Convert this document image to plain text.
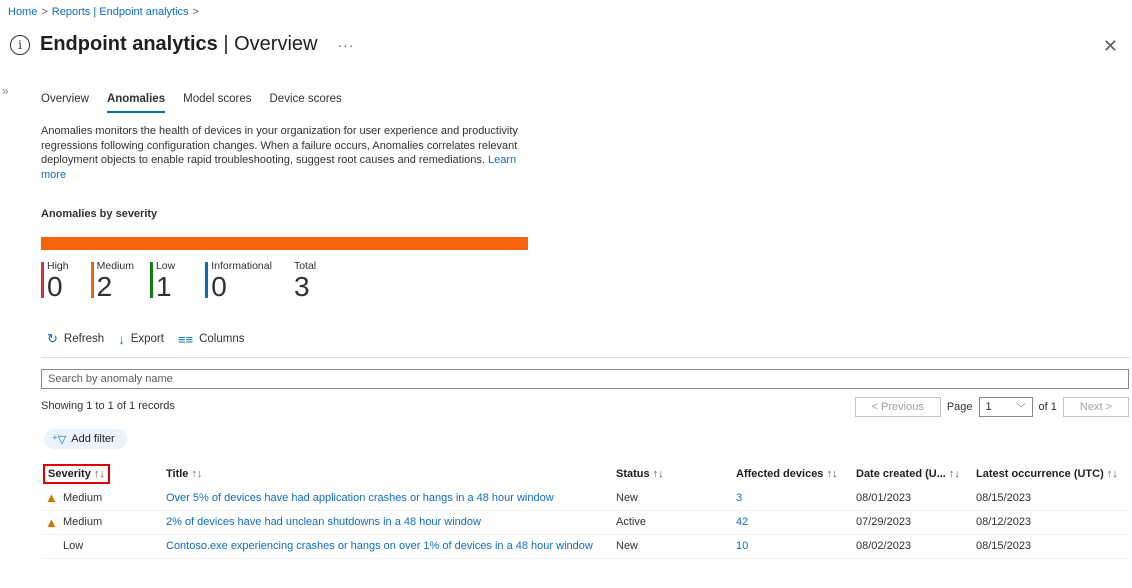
Home > Reports | Endpoint analytics >
i Endpoint analytics | Overview ···	✕
»
Overview Anomalies Model scores Device scores
Anomalies monitors the health of devices in your organization for user experience and productivity regressions following configuration changes. When a failure occurs, Anomalies correlates relevant deployment objects to enable rapid troubleshooting, suggest root causes and remediations. Learn more
Anomalies by severity
High
0
Medium
2
Low
1
Informational
0
Total
3
↻ Refresh ↓ Export ≡≡ Columns
Search by anomaly name
Showing 1 to 1 of 1 records	< Previous	Page 1	﹀ of 1	Next >
⁺▽ Add filter
Severity ↑↓	Title ↑↓	Status ↑↓	Affected devices ↑↓	Date created (U... ↑↓	Latest occurrence (UTC) ↑↓

▲ Medium	Over 5% of devices have had application crashes or hangs in a 48 hour window	New	3	08/01/2023	08/15/2023

▲ Medium	2% of devices have had unclean shutdowns in a 48 hour window	Active	42	07/29/2023	08/12/2023

Low	Contoso.exe experiencing crashes or hangs on over 1% of devices in a 48 hour window	New	10	08/02/2023	08/15/2023
